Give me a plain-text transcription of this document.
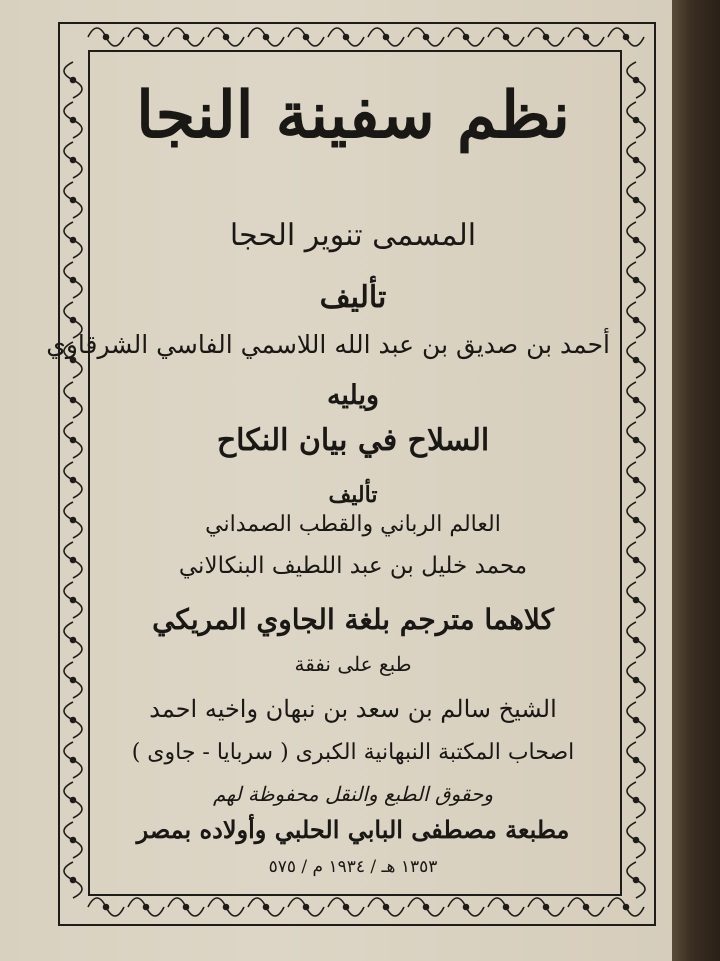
نظم سفينة النجا
المسمى تنوير الحجا
تأليف
أحمد بن صديق بن عبد الله اللاسمي الفاسي الشرقاوي
ويليه
السلاح في بيان النكاح
تأليف
العالم الرباني والقطب الصمداني
محمد خليل بن عبد اللطيف البنكالاني
كلاهما مترجم بلغة الجاوي المريكي
طبع على نفقة
الشيخ سالم بن سعد بن نبهان واخيه احمد
اصحاب المكتبة النبهانية الكبرى ( سربايا - جاوى )
وحقوق الطبع والنقل محفوظة لهم
مطبعة مصطفى البابي الحلبي وأولاده بمصر
١٣٥٣ هـ / ١٩٣٤ م / ٥٧٥
